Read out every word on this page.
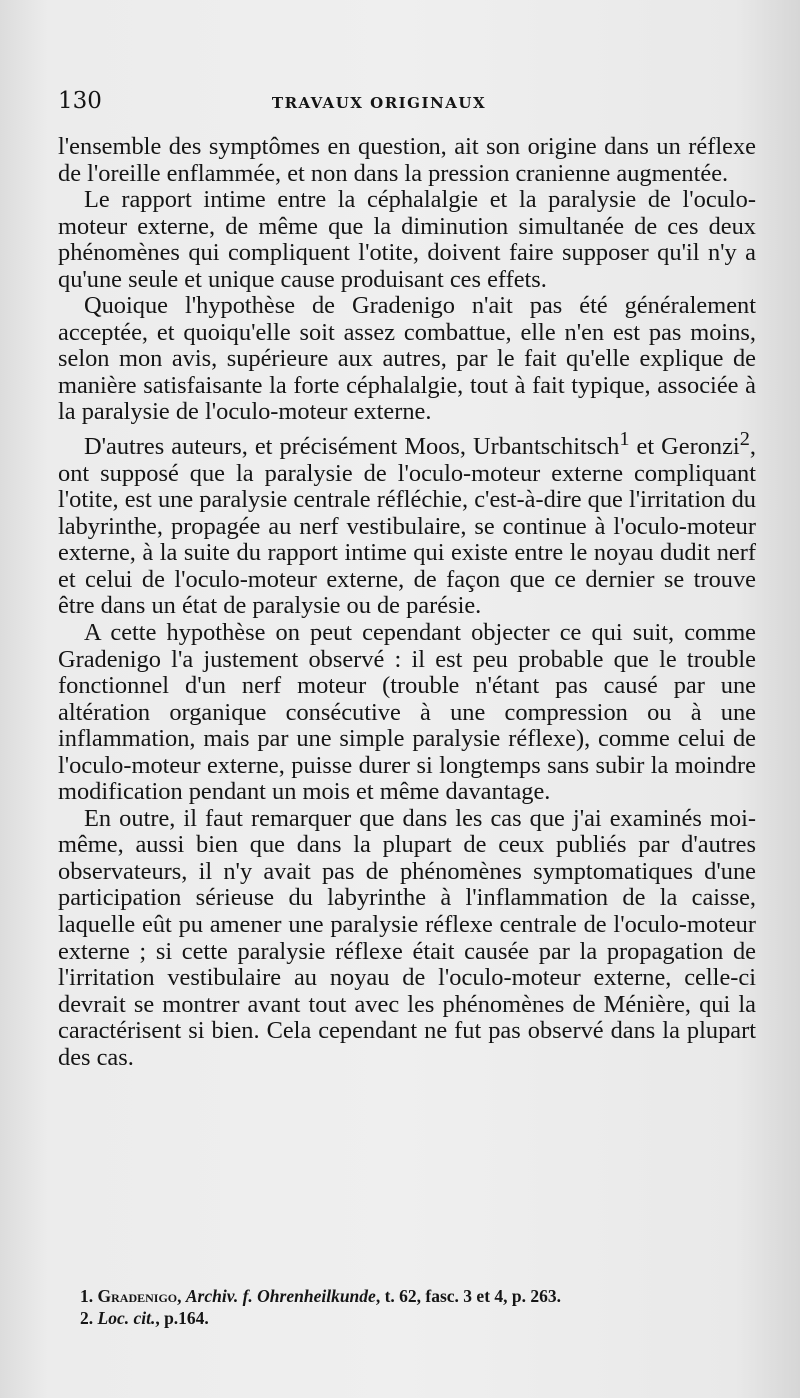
130	TRAVAUX ORIGINAUX

l'ensemble des symptômes en question, ait son origine dans un réflexe de l'oreille enflammée, et non dans la pression cranienne augmentée.

Le rapport intime entre la céphalalgie et la paralysie de l'oculo-moteur externe, de même que la diminution simultanée de ces deux phénomènes qui compliquent l'otite, doivent faire supposer qu'il n'y a qu'une seule et unique cause produisant ces effets.

Quoique l'hypothèse de Gradenigo n'ait pas été généralement acceptée, et quoiqu'elle soit assez combattue, elle n'en est pas moins, selon mon avis, supérieure aux autres, par le fait qu'elle explique de manière satisfaisante la forte céphalalgie, tout à fait typique, associée à la paralysie de l'oculo-moteur externe.

D'autres auteurs, et précisément Moos, Urbantschitsch$^1$ et Geronzi$^2$, ont supposé que la paralysie de l'oculo-moteur externe compliquant l'otite, est une paralysie centrale réfléchie, c'est-à-dire que l'irritation du labyrinthe, propagée au nerf vestibulaire, se continue à l'oculo-moteur externe, à la suite du rapport intime qui existe entre le noyau dudit nerf et celui de l'oculo-moteur externe, de façon que ce dernier se trouve être dans un état de paralysie ou de parésie.

A cette hypothèse on peut cependant objecter ce qui suit, comme Gradenigo l'a justement observé : il est peu probable que le trouble fonctionnel d'un nerf moteur (trouble n'étant pas causé par une altération organique consécutive à une compression ou à une inflammation, mais par une simple paralysie réflexe), comme celui de l'oculo-moteur externe, puisse durer si longtemps sans subir la moindre modification pendant un mois et même davantage.

En outre, il faut remarquer que dans les cas que j'ai examinés moi-même, aussi bien que dans la plupart de ceux publiés par d'autres observateurs, il n'y avait pas de phénomènes symptomatiques d'une participation sérieuse du labyrinthe à l'inflammation de la caisse, laquelle eût pu amener une paralysie réflexe centrale de l'oculo-moteur externe ; si cette paralysie réflexe était causée par la propagation de l'irritation vestibulaire au noyau de l'oculo-moteur externe, celle-ci devrait se montrer avant tout avec les phénomènes de Ménière, qui la caractérisent si bien. Cela cependant ne fut pas observé dans la plupart des cas.

1. Gradenigo, Archiv. f. Ohrenheilkunde, t. 62, fasc. 3 et 4, p. 263.

2. Loc. cit., p.164.
